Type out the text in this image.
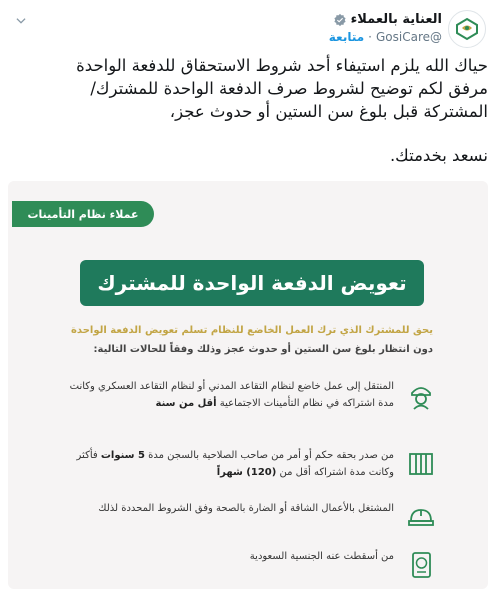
العناية بالعملاء
@GosiCare
·
متابعة

حياك الله يلزم استيفاء أحد شروط الاستحقاق للدفعة الواحدة

مرفق لكم توضيح لشروط صرف الدفعة الواحدة للمشترك/

المشتركة قبل بلوغ سن الستين أو حدوث عجز،

نسعد بخدمتك.

عملاء نظام التأمينات
تعويض الدفعة الواحدة للمشترك
يحق للمشترك الذي ترك العمل الخاضع للنظام تسلم تعويض الدفعة الواحدة
دون انتظار بلوغ سن الستين أو حدوث عجز وذلك وفقاً للحالات التالية:
المنتقل إلى عمل خاضع لنظام التقاعد المدني أو لنظام التقاعد العسكري وكانت مدة اشتراكه في نظام التأمينات الاجتماعية أقل من سنة
من صدر بحقه حكم أو أمر من صاحب الصلاحية بالسجن مدة 5 سنوات فأكثر وكانت مدة اشتراكه أقل من (120) شهراً
المشتغل بالأعمال الشاقة أو الضارة بالصحة وفق الشروط المحددة لذلك
من أسقطت عنه الجنسية السعودية
